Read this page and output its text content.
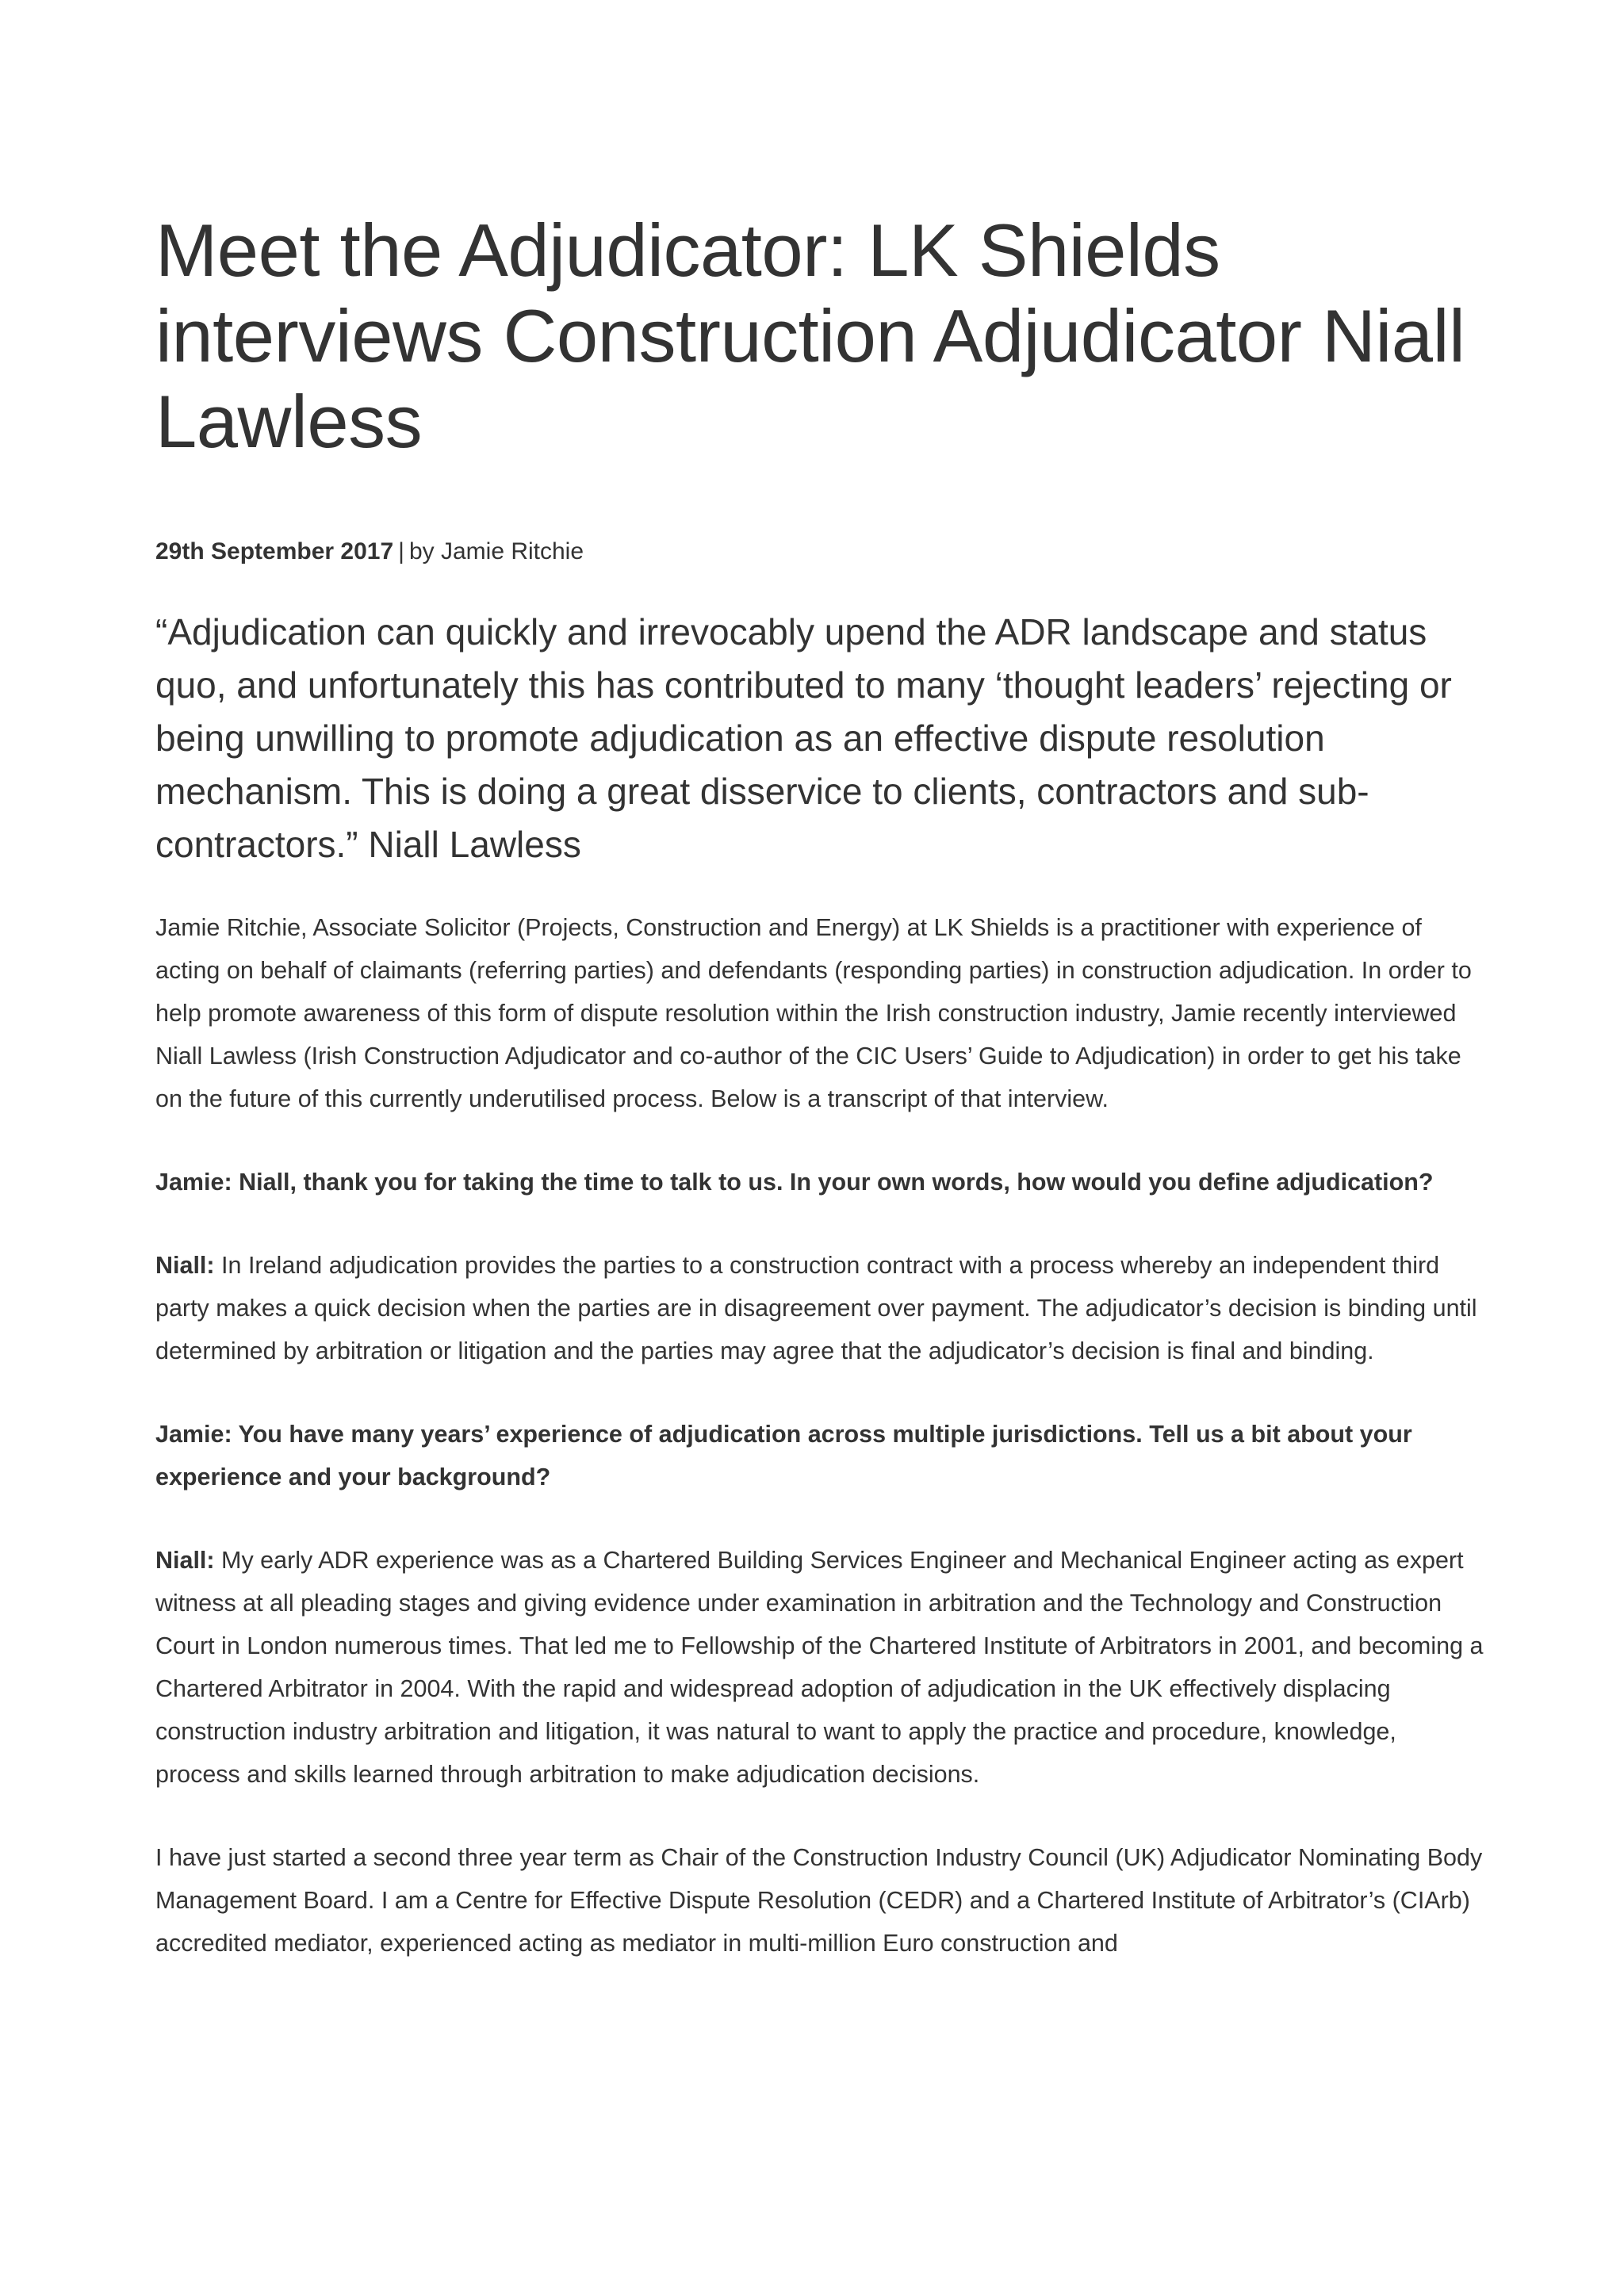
Meet the Adjudicator: LK Shields interviews Construction Adjudicator Niall Lawless
29th September 2017 | by Jamie Ritchie

“Adjudication can quickly and irrevocably upend the ADR landscape and status quo, and unfortunately this has contributed to many ‘thought leaders’ rejecting or being unwilling to promote adjudication as an effective dispute resolution mechanism. This is doing a great disservice to clients, contractors and sub-contractors.” Niall Lawless

Jamie Ritchie, Associate Solicitor (Projects, Construction and Energy) at LK Shields is a practitioner with experience of acting on behalf of claimants (referring parties) and defendants (responding parties) in construction adjudication. In order to help promote awareness of this form of dispute resolution within the Irish construction industry, Jamie recently interviewed Niall Lawless (Irish Construction Adjudicator and co-author of the CIC Users’ Guide to Adjudication) in order to get his take on the future of this currently underutilised process. Below is a transcript of that interview.

Jamie: Niall, thank you for taking the time to talk to us. In your own words, how would you define adjudication?

Niall: In Ireland adjudication provides the parties to a construction contract with a process whereby an independent third party makes a quick decision when the parties are in disagreement over payment. The adjudicator’s decision is binding until determined by arbitration or litigation and the parties may agree that the adjudicator’s decision is final and binding.

Jamie: You have many years’ experience of adjudication across multiple jurisdictions. Tell us a bit about your experience and your background?

Niall: My early ADR experience was as a Chartered Building Services Engineer and Mechanical Engineer acting as expert witness at all pleading stages and giving evidence under examination in arbitration and the Technology and Construction Court in London numerous times. That led me to Fellowship of the Chartered Institute of Arbitrators in 2001, and becoming a Chartered Arbitrator in 2004. With the rapid and widespread adoption of adjudication in the UK effectively displacing construction industry arbitration and litigation, it was natural to want to apply the practice and procedure, knowledge, process and skills learned through arbitration to make adjudication decisions.

I have just started a second three year term as Chair of the Construction Industry Council (UK) Adjudicator Nominating Body Management Board. I am a Centre for Effective Dispute Resolution (CEDR) and a Chartered Institute of Arbitrator’s (CIArb) accredited mediator, experienced acting as mediator in multi-million Euro construction and
